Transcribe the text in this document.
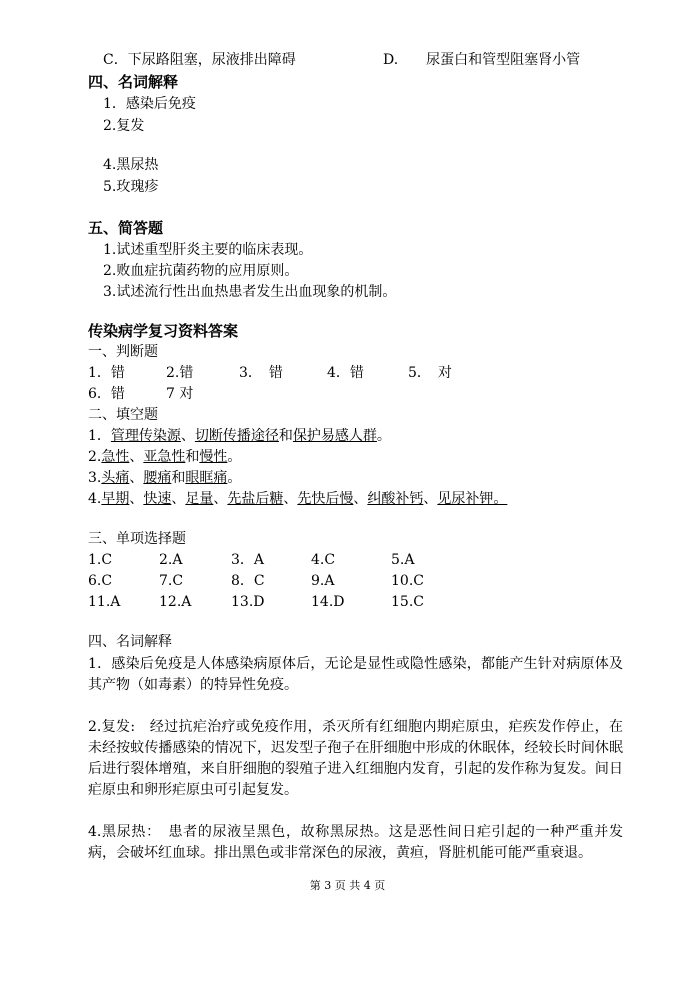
C．下尿路阻塞，尿液排出障碍	D.　　尿蛋白和管型阻塞肾小管
四、名词解释
1．感染后免疫
2.复发
4.黑尿热
5.玫瑰疹
五、简答题
1.试述重型肝炎主要的临床表现。
2.败血症抗菌药物的应用原则。
3.试述流行性出血热患者发生出血现象的机制。
传染病学复习资料答案
一、判断题
1．错	2.错	3．　错	4．错	5．　对
6．错	7 对
二、填空题
1．管理传染源、切断传播途径和保护易感人群。
2.急性、亚急性和慢性。
3.头痛、腰痛和眼眶痛。
4.早期、快速、足量、先盐后糖、先快后慢、纠酸补钙、见尿补钾。
三、单项选择题
1.C	2.A	3．A	4.C	5.A
6.C	7.C	8．C	9.A	10.C
11.A	12.A	13.D	14.D	15.C
四、名词解释
1．感染后免疫是人体感染病原体后，无论是显性或隐性感染，都能产生针对病原体及其产物（如毒素）的特异性免疫。
2.复发:　经过抗疟治疗或免疫作用，杀灭所有红细胞内期疟原虫，疟疾发作停止，在未经按蚊传播感染的情况下，迟发型子孢子在肝细胞中形成的休眠体，经较长时间休眠后进行裂体增殖，来自肝细胞的裂殖子进入红细胞内发育，引起的发作称为复发。间日疟原虫和卵形疟原虫可引起复发。
4.黑尿热：　患者的尿液呈黑色，故称黑尿热。这是恶性间日疟引起的一种严重并发病，会破坏红血球。排出黑色或非常深色的尿液，黄疸，肾脏机能可能严重衰退。
第 3 页 共 4 页
